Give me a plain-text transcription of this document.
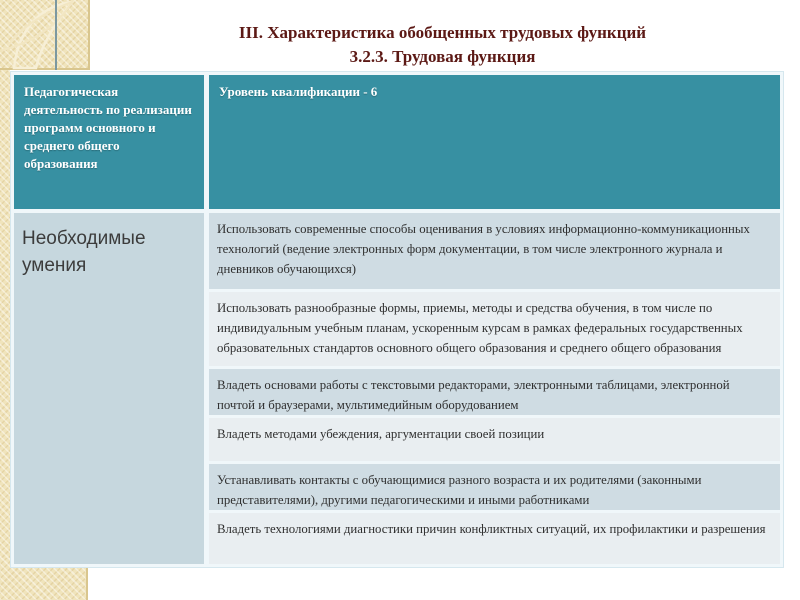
III. Характеристика обобщенных трудовых функций
3.2.3. Трудовая функция
Педагогическая деятельность по реализации программ основного и среднего общего образования
Уровень квалификации - 6
Необходимые умения
Использовать современные способы оценивания в условиях информационно-коммуникационных технологий (ведение электронных форм документации, в том числе электронного журнала и дневников обучающихся)
Использовать разнообразные формы, приемы, методы и средства обучения, в том числе по индивидуальным учебным планам, ускоренным курсам в рамках федеральных государственных образовательных стандартов основного общего образования и среднего общего образования
Владеть основами работы с текстовыми редакторами, электронными таблицами, электронной почтой и браузерами, мультимедийным оборудованием
Владеть методами убеждения, аргументации своей позиции
Устанавливать контакты с обучающимися разного возраста и их родителями (законными представителями), другими педагогическими и иными работниками
Владеть технологиями диагностики причин конфликтных ситуаций, их профилактики и разрешения
